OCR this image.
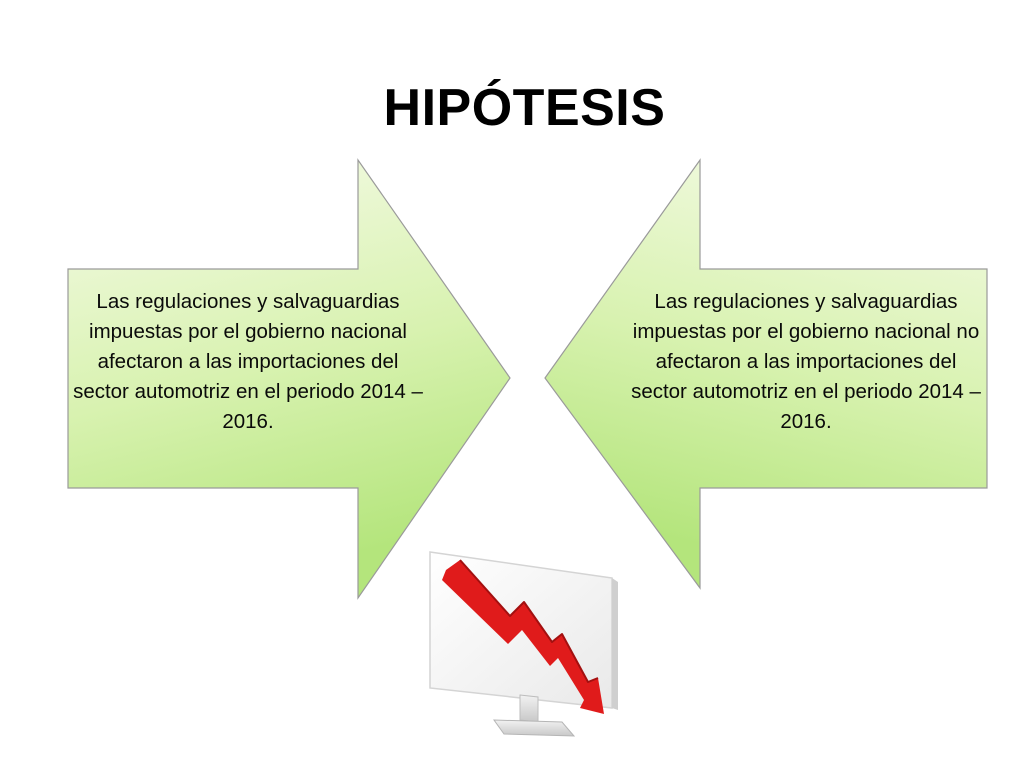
HIPÓTESIS
Las regulaciones y salvaguardias impuestas por el gobierno nacional afectaron a las importaciones del sector automotriz en el periodo 2014 – 2016.
Las regulaciones y salvaguardias impuestas por el gobierno nacional no afectaron a las importaciones del sector automotriz en el periodo 2014 – 2016.
